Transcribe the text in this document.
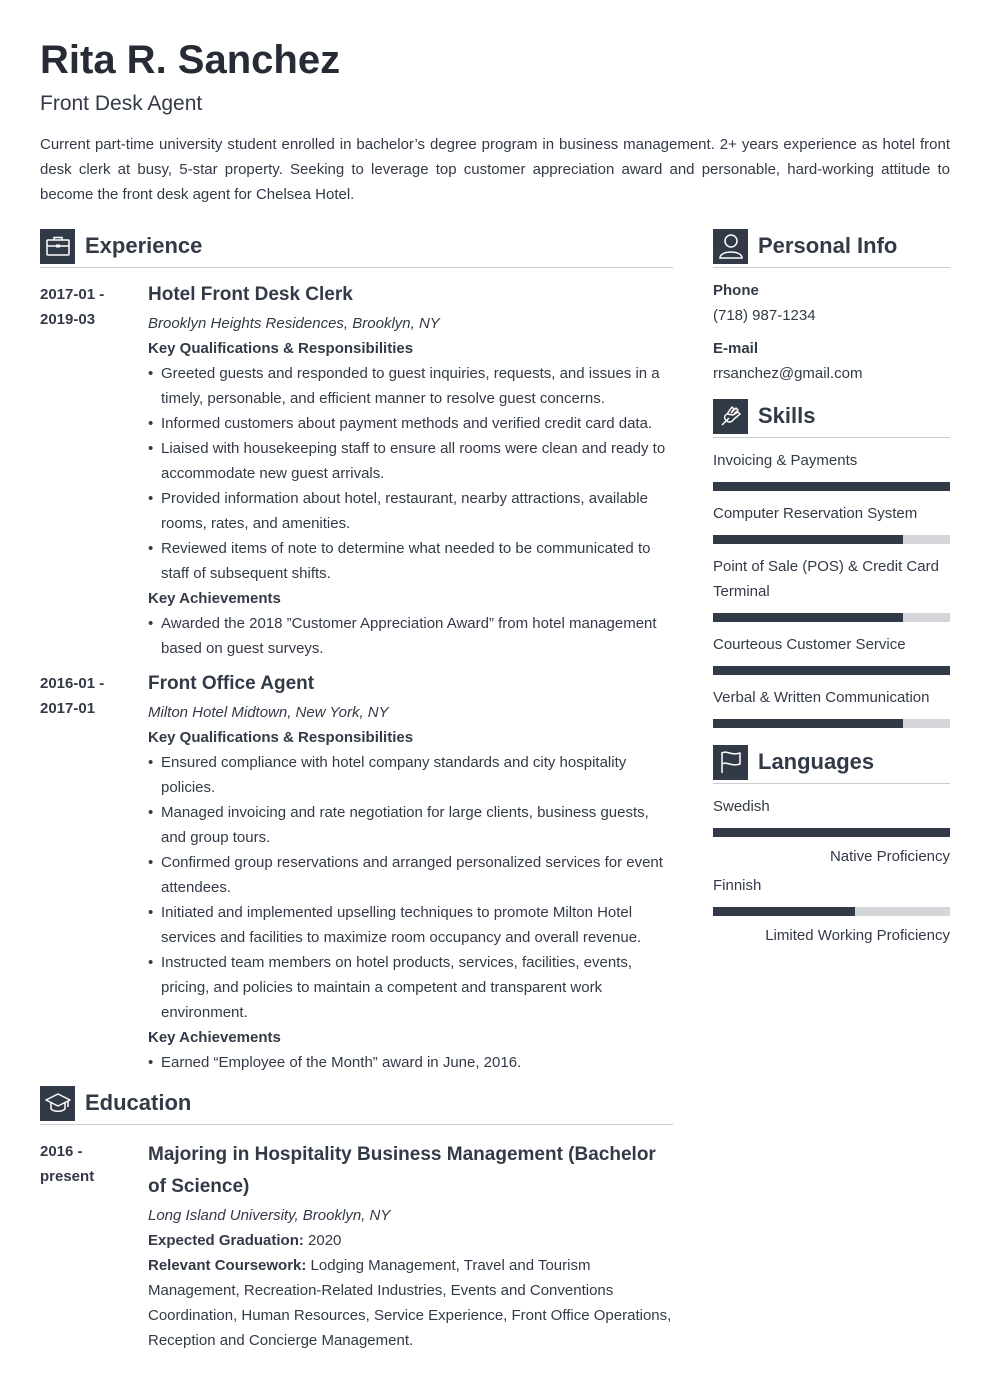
Rita R. Sanchez
Front Desk Agent
Current part-time university student enrolled in bachelor’s degree program in business management. 2+ years experience as hotel front desk clerk at busy, 5-star property. Seeking to leverage top customer appreciation award and personable, hard-working attitude to become the front desk agent for Chelsea Hotel.
Experience
2017-01 -
2019-03
Hotel Front Desk Clerk
Brooklyn Heights Residences, Brooklyn, NY
Key Qualifications & Responsibilities
• Greeted guests and responded to guest inquiries, requests, and issues in a timely, personable, and efficient manner to resolve guest concerns.
• Informed customers about payment methods and verified credit card data.
• Liaised with housekeeping staff to ensure all rooms were clean and ready to accommodate new guest arrivals.
• Provided information about hotel, restaurant, nearby attractions, available rooms, rates, and amenities.
• Reviewed items of note to determine what needed to be communicated to staff of subsequent shifts.
Key Achievements
• Awarded the 2018 ”Customer Appreciation Award” from hotel management based on guest surveys.
2016-01 -
2017-01
Front Office Agent
Milton Hotel Midtown, New York, NY
Key Qualifications & Responsibilities
• Ensured compliance with hotel company standards and city hospitality policies.
• Managed invoicing and rate negotiation for large clients, business guests, and group tours.
• Confirmed group reservations and arranged personalized services for event attendees.
• Initiated and implemented upselling techniques to promote Milton Hotel services and facilities to maximize room occupancy and overall revenue.
• Instructed team members on hotel products, services, facilities, events, pricing, and policies to maintain a competent and transparent work environment.
Key Achievements
• Earned “Employee of the Month” award in June, 2016.
Education
2016 -
present
Majoring in Hospitality Business Management (Bachelor of Science)
Long Island University, Brooklyn, NY
Expected Graduation: 2020
Relevant Coursework: Lodging Management, Travel and Tourism Management, Recreation-Related Industries, Events and Conventions Coordination, Human Resources, Service Experience, Front Office Operations, Reception and Concierge Management.
Personal Info
Phone
(718) 987-1234
E-mail
rrsanchez@gmail.com
Skills
Invoicing & Payments
Computer Reservation System
Point of Sale (POS) & Credit Card Terminal
Courteous Customer Service
Verbal & Written Communication
Languages
Swedish
Native Proficiency
Finnish
Limited Working Proficiency
